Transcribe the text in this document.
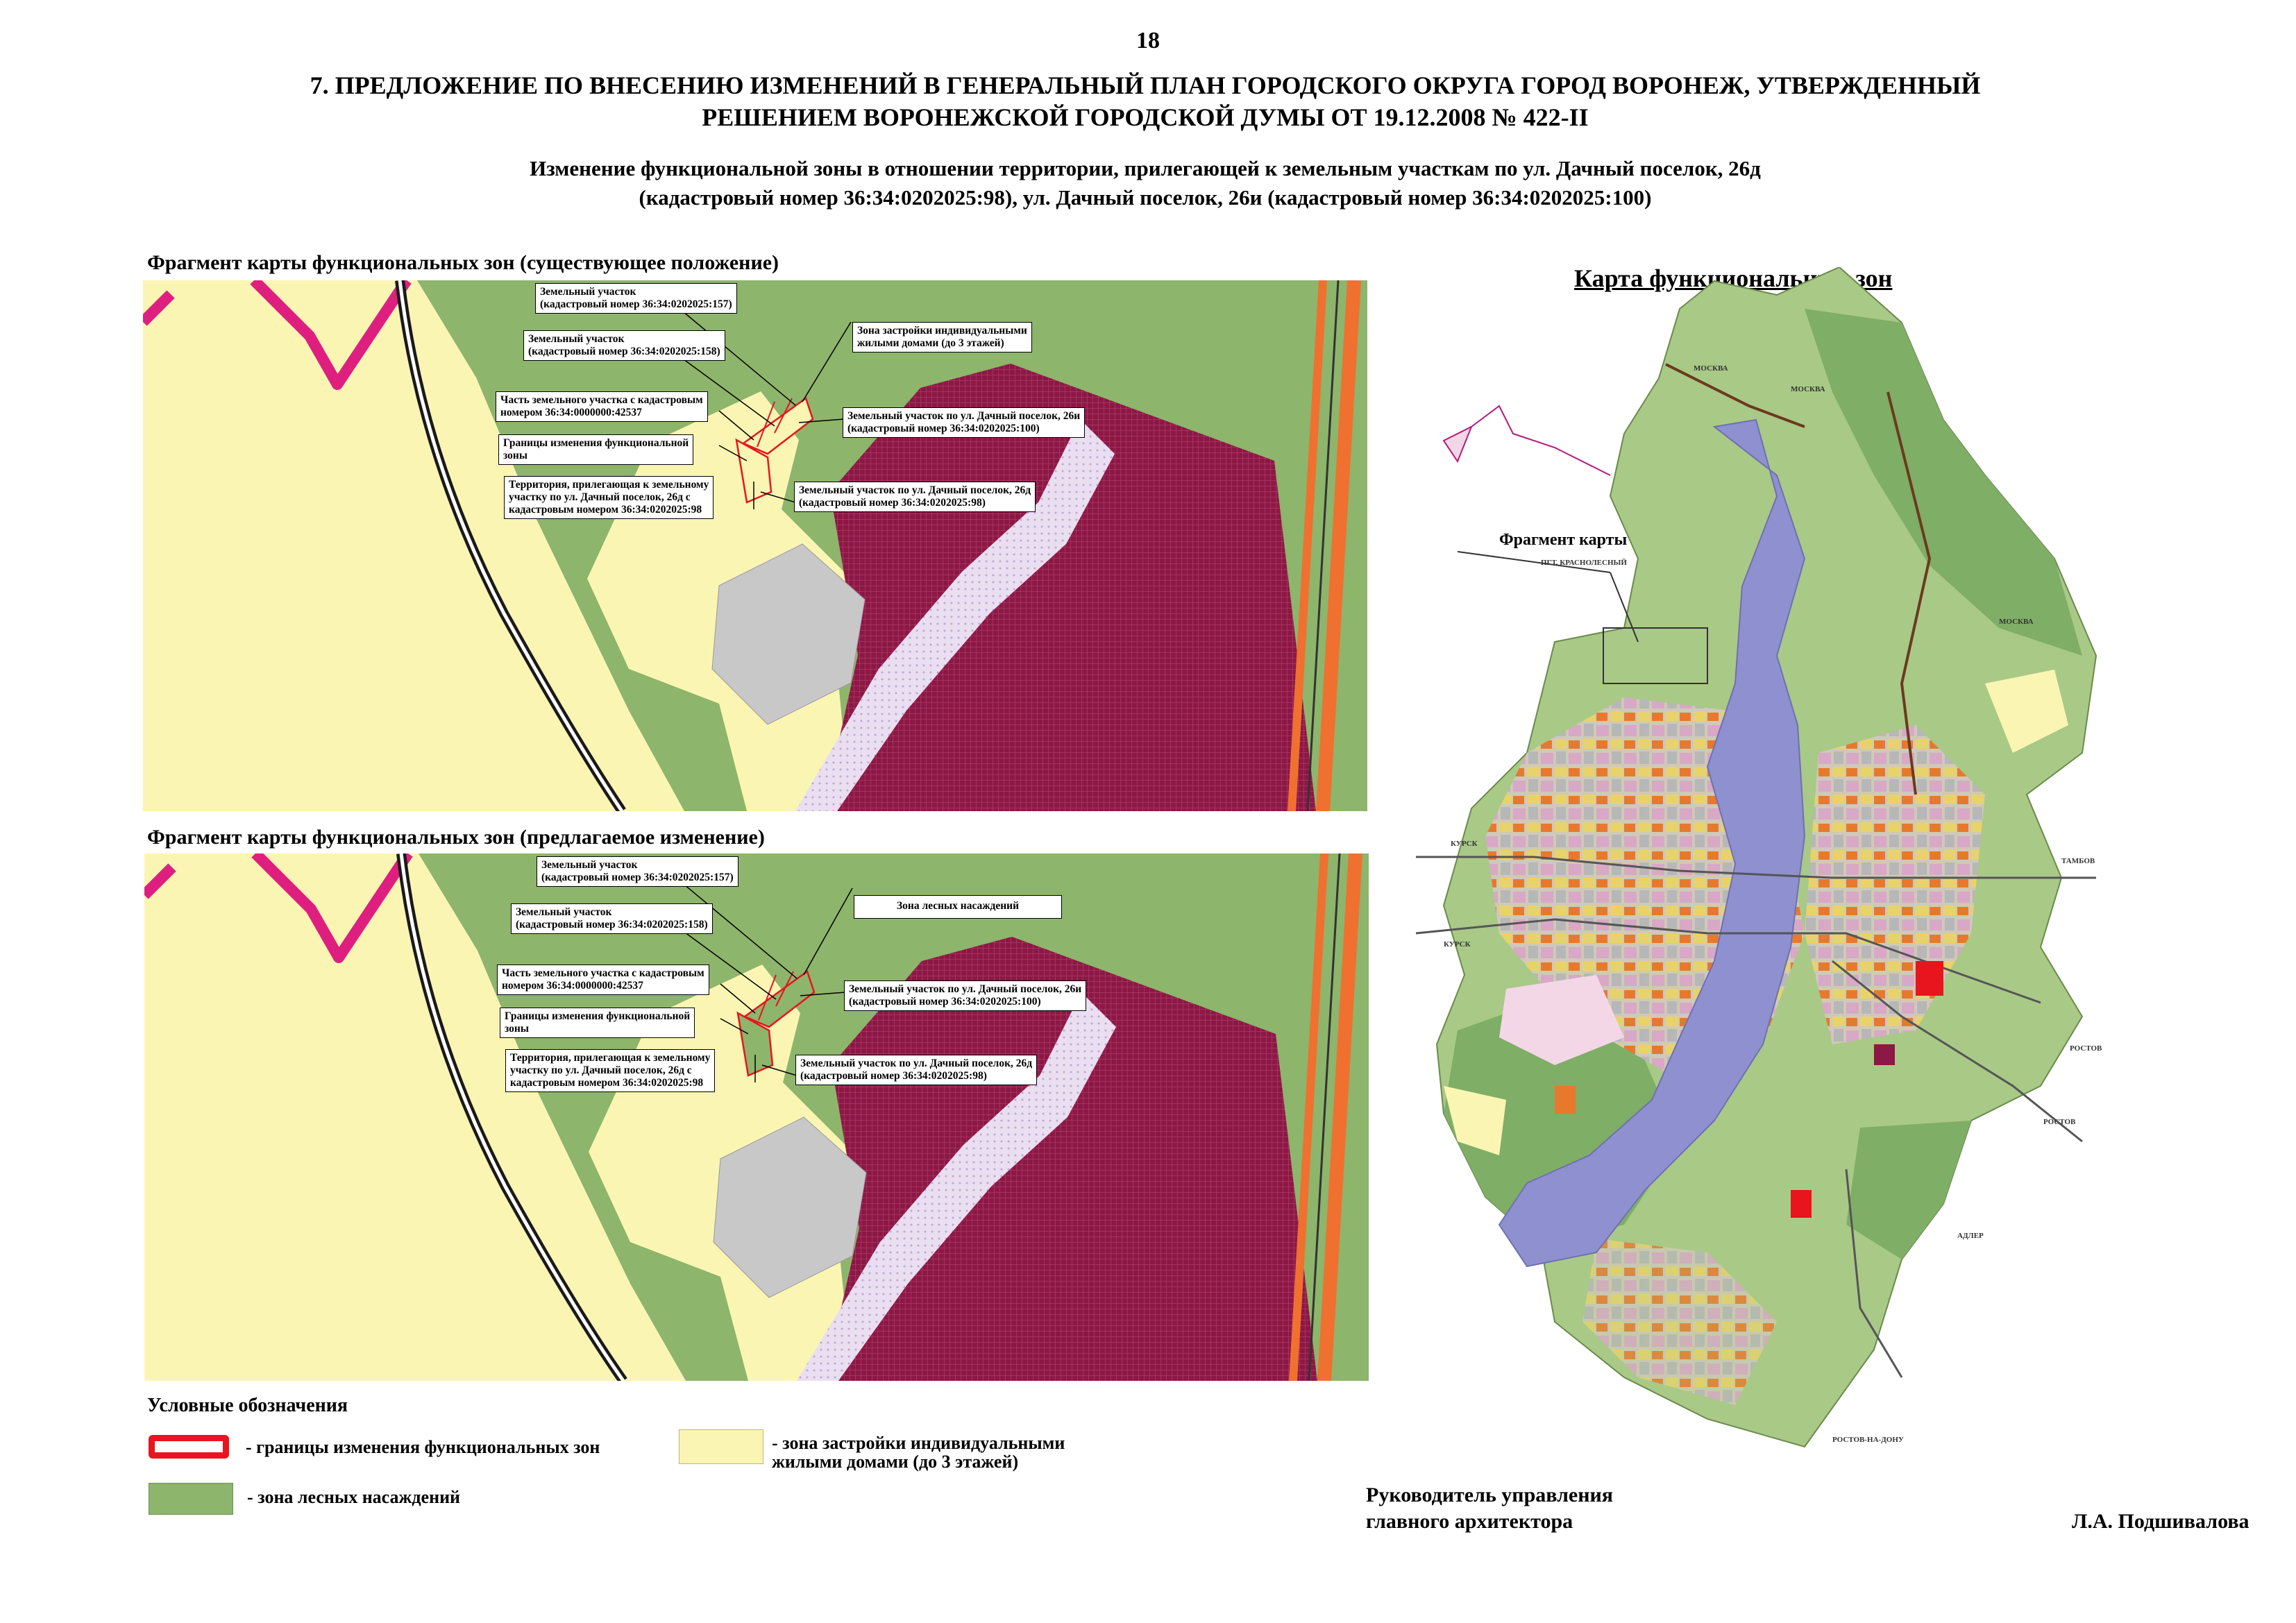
18
7. ПРЕДЛОЖЕНИЕ ПО ВНЕСЕНИЮ ИЗМЕНЕНИЙ В ГЕНЕРАЛЬНЫЙ ПЛАН ГОРОДСКОГО ОКРУГА ГОРОД ВОРОНЕЖ, УТВЕРЖДЕННЫЙ
РЕШЕНИЕМ ВОРОНЕЖСКОЙ ГОРОДСКОЙ ДУМЫ ОТ 19.12.2008 № 422-II
Изменение функциональной зоны в отношении территории, прилегающей к земельным участкам по ул. Дачный поселок, 26д
(кадастровый номер 36:34:0202025:98), ул. Дачный поселок, 26и (кадастровый номер 36:34:0202025:100)
Фрагмент карты функциональных зон (существующее положение)
Земельный участок
(кадастровый номер 36:34:0202025:157)
Земельный участок
(кадастровый номер 36:34:0202025:158)
Зона застройки индивидуальными
жилыми домами (до 3 этажей)
Часть земельного участка с кадастровым
номером 36:34:0000000:42537	Земельный участок по ул. Дачный поселок, 26и
(кадастровый номер 36:34:0202025:100)
Границы изменения функциональной
зоны
Территория, прилегающая к земельному
участку по ул. Дачный поселок, 26д с
кадастровым номером 36:34:0202025:98
Земельный участок по ул. Дачный поселок, 26д
(кадастровый номер 36:34:0202025:98)
Фрагмент карты функциональных зон (предлагаемое изменение)
Земельный участок
(кадастровый номер 36:34:0202025:157)
Земельный участок
(кадастровый номер 36:34:0202025:158)
Зона лесных насаждений
Часть земельного участка с кадастровым
номером 36:34:0000000:42537	Земельный участок по ул. Дачный поселок, 26и
(кадастровый номер 36:34:0202025:100)
Границы изменения функциональной
зоны
Территория, прилегающая к земельному
участку по ул. Дачный поселок, 26д с
кадастровым номером 36:34:0202025:98
Земельный участок по ул. Дачный поселок, 26д
(кадастровый номер 36:34:0202025:98)
Условные обозначения
- границы изменения функциональных зон
- зона лесных насаждений
- зона застройки индивидуальными
жилыми домами (до 3 этажей)
Карта функциональных зон
Фрагмент карты
МОСКВА
МОСКВА
МОСКВА
ПГТ. КРАСНОЛЕСНЫЙ
КУРСК
КУРСК
ТАМБОВ
РОСТОВ
РОСТОВ
АДЛЕР
РОСТОВ-НА-ДОНУ
Руководитель управления
главного архитектора	Л.А. Подшивалова
